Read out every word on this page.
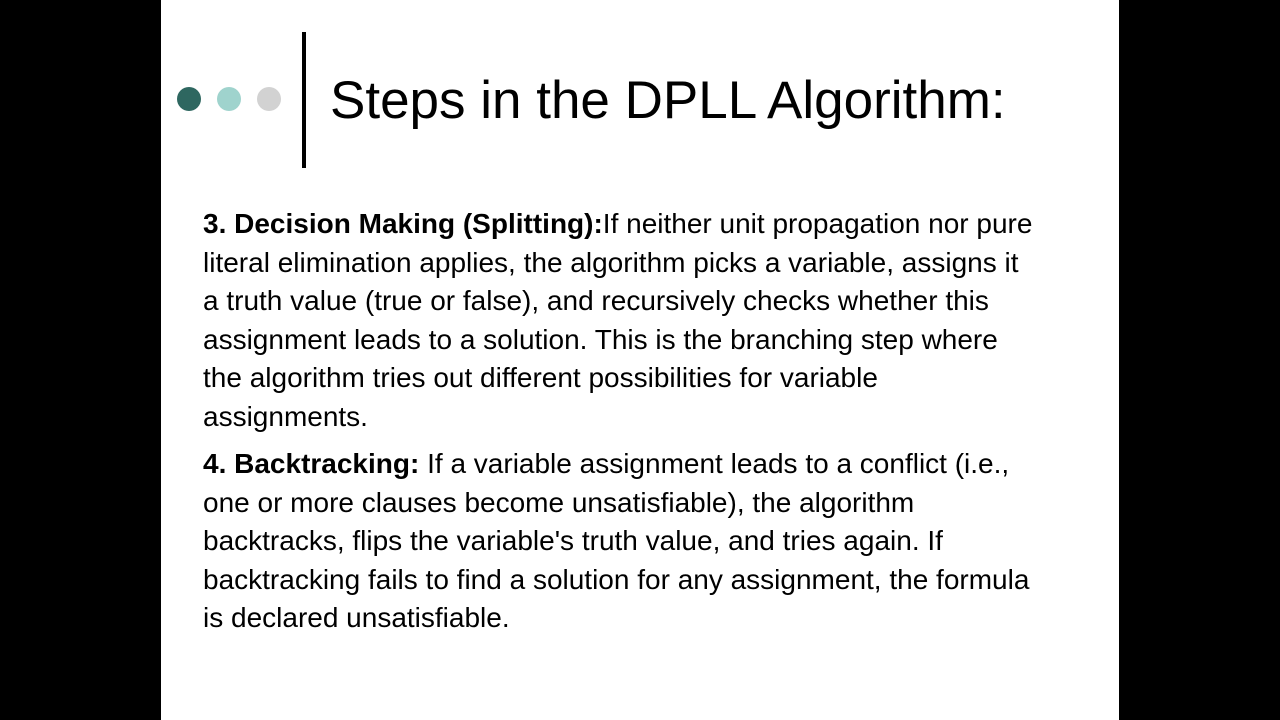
Steps in the DPLL Algorithm:

3. Decision Making (Splitting):If neither unit propagation nor pure literal elimination applies, the algorithm picks a variable, assigns it a truth value (true or false), and recursively checks whether this assignment leads to a solution. This is the branching step where the algorithm tries out different possibilities for variable assignments.

4. Backtracking: If a variable assignment leads to a conflict (i.e., one or more clauses become unsatisfiable), the algorithm backtracks, flips the variable's truth value, and tries again. If backtracking fails to find a solution for any assignment, the formula is declared unsatisfiable.
